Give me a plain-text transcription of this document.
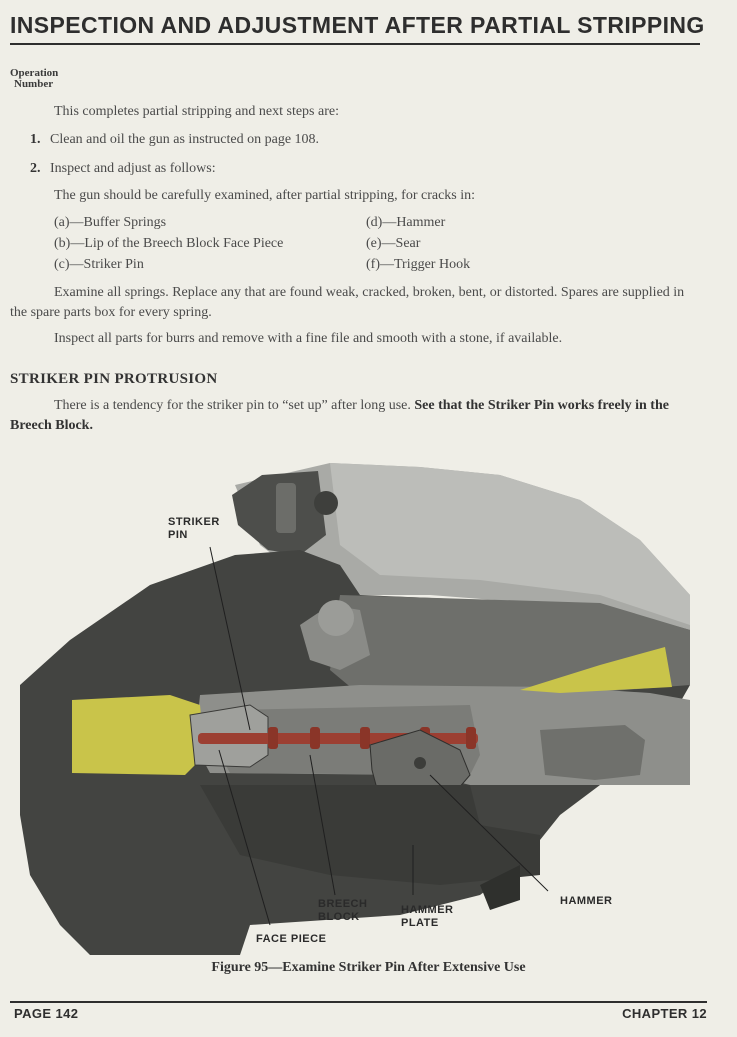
INSPECTION AND ADJUSTMENT AFTER PARTIAL STRIPPING
Operation
Number
This completes partial stripping and next steps are:
1. Clean and oil the gun as instructed on page 108.
2. Inspect and adjust as follows:
The gun should be carefully examined, after partial stripping, for cracks in:
(a)—Buffer Springs
(b)—Lip of the Breech Block Face Piece
(c)—Striker Pin
(d)—Hammer
(e)—Sear
(f)—Trigger Hook
Examine all springs. Replace any that are found weak, cracked, broken, bent, or distorted. Spares are supplied in the spare parts box for every spring.
Inspect all parts for burrs and remove with a fine file and smooth with a stone, if available.
STRIKER PIN PROTRUSION
There is a tendency for the striker pin to “set up” after long use. See that the Striker Pin works freely in the Breech Block.
STRIKER
PIN
BREECH
BLOCK
HAMMER
PLATE
HAMMER
FACE PIECE
Figure 95—Examine Striker Pin After Extensive Use
PAGE 142	CHAPTER 12
